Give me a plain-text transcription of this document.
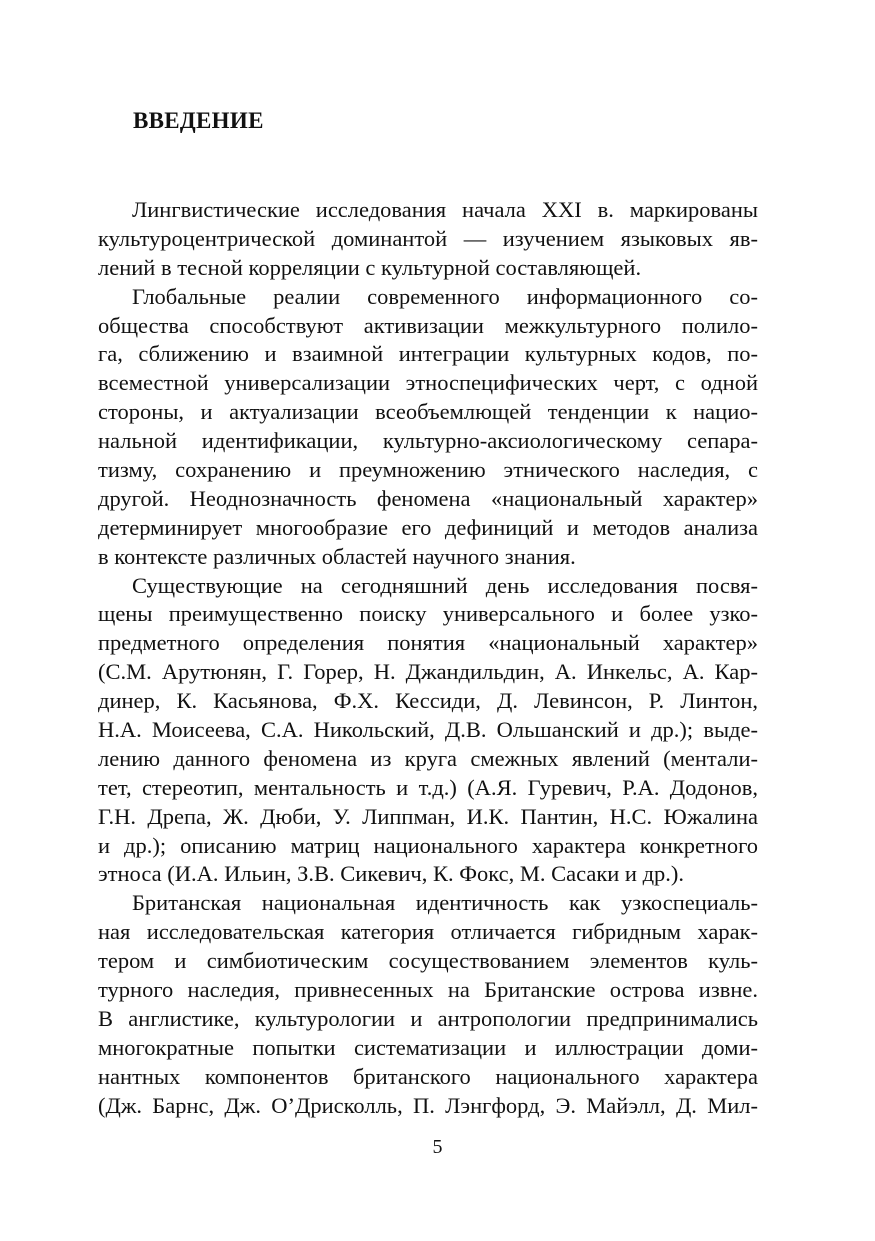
ВВЕДЕНИЕ
Лингвистические исследования начала XXI в. маркированы
культуроцентрической доминантой — изучением языковых яв-
лений в тесной корреляции с культурной составляющей.
Глобальные реалии современного информационного со-
общества способствуют активизации межкультурного полило-
га, сближению и взаимной интеграции культурных кодов, по-
всеместной универсализации этноспецифических черт, с одной
стороны, и актуализации всеобъемлющей тенденции к нацио-
нальной идентификации, культурно-аксиологическому сепара-
тизму, сохранению и преумножению этнического наследия, с
другой. Неоднозначность феномена «национальный характер»
детерминирует многообразие его дефиниций и методов анализа
в контексте различных областей научного знания.
Существующие на сегодняшний день исследования посвя-
щены преимущественно поиску универсального и более узко-
предметного определения понятия «национальный характер»
(С.М. Арутюнян, Г. Горер, Н. Джандильдин, А. Инкельс, А. Кар-
динер, К. Касьянова, Ф.Х. Кессиди, Д. Левинсон, Р. Линтон,
Н.А. Моисеева, С.А. Никольский, Д.В. Ольшанский и др.); выде-
лению данного феномена из круга смежных явлений (ментали-
тет, стереотип, ментальность и т.д.) (А.Я. Гуревич, Р.А. Додонов,
Г.Н. Дрепа, Ж. Дюби, У. Липпман, И.К. Пантин, Н.С. Южалина
и др.); описанию матриц национального характера конкретного
этноса (И.А. Ильин, З.В. Сикевич, К. Фокс, М. Сасаки и др.).
Британская национальная идентичность как узкоспециаль-
ная исследовательская категория отличается гибридным харак-
тером и симбиотическим сосуществованием элементов куль-
турного наследия, привнесенных на Британские острова извне.
В англистике, культурологии и антропологии предпринимались
многократные попытки систематизации и иллюстрации доми-
нантных компонентов британского национального характера
(Дж. Барнс, Дж. О’Дрисколль, П. Лэнгфорд, Э. Майэлл, Д. Мил-
5
